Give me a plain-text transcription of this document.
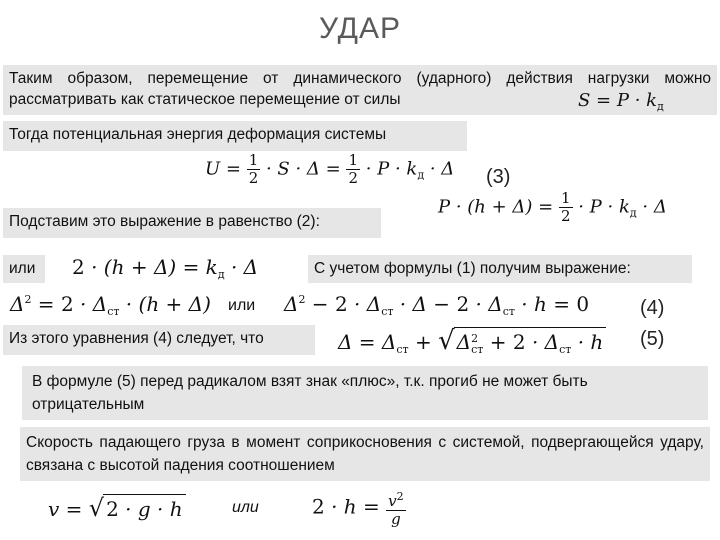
УДАР
Таким образом, перемещение от динамического (ударного) действия нагрузки можно рассматривать как статическое перемещение от силы	$S = P \cdot k_д$
Тогда потенциальная энергия деформация системы
$U = \frac{1}{2} \cdot S \cdot \Delta = \frac{1}{2} \cdot P \cdot k_д \cdot \Delta$ (3)
Подставим это выражение в равенство (2):
$P \cdot (h + \Delta) = \frac{1}{2} \cdot P \cdot k_д \cdot \Delta$
или	$2 \cdot (h + \Delta) = k_д \cdot \Delta$	С учетом формулы (1) получим выражение:
$\Delta^2 = 2 \cdot \Delta_{ст} \cdot (h + \Delta)$ или $\Delta^2 - 2 \cdot \Delta_{ст} \cdot \Delta - 2 \cdot \Delta_{ст} \cdot h = 0$	(4)
Из этого уравнения (4) следует, что	$\Delta = \Delta_{ст}$ + √ Δ 2
ст + $2 \cdot \Delta_{ст} \cdot h$ (5)
В формуле (5) перед радикалом взят знак «плюс», т.к. прогиб не может быть отрицательным
Скорость падающего груза в момент соприкосновения с системой, подвергающейся удару, связана с высотой падения соотношением
v = √ 2 · g · h	или	$2 \cdot h = \frac{v^2}{g}$
